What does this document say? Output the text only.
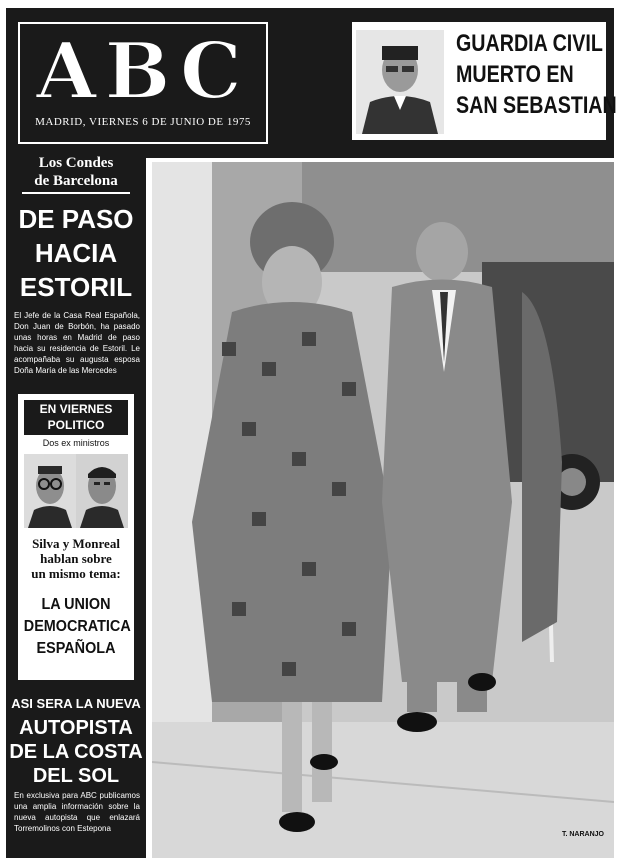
ABC
MADRID, VIERNES 6 DE JUNIO DE 1975
GUARDIA CIVIL
MUERTO EN
SAN SEBASTIAN
Los Condes
de Barcelona
DE PASO
HACIA
ESTORIL
El Jefe de la Casa Real Española, Don Juan de Borbón, ha pasado unas horas en Madrid de paso hacia su residencia de Estoril. Le acompañaba su augusta esposa Doña María de las Mercedes
EN VIERNES
POLITICO
Dos ex ministros
Silva y Monreal
hablan sobre
un mismo tema:
LA UNION
DEMOCRATICA
ESPAÑOLA
ASI SERA LA NUEVA
AUTOPISTA
DE LA COSTA
DEL SOL
En exclusiva para ABC publicamos una amplia información sobre la nueva autopista que enlazará Torremolinos con Estepona
T. NARANJO
